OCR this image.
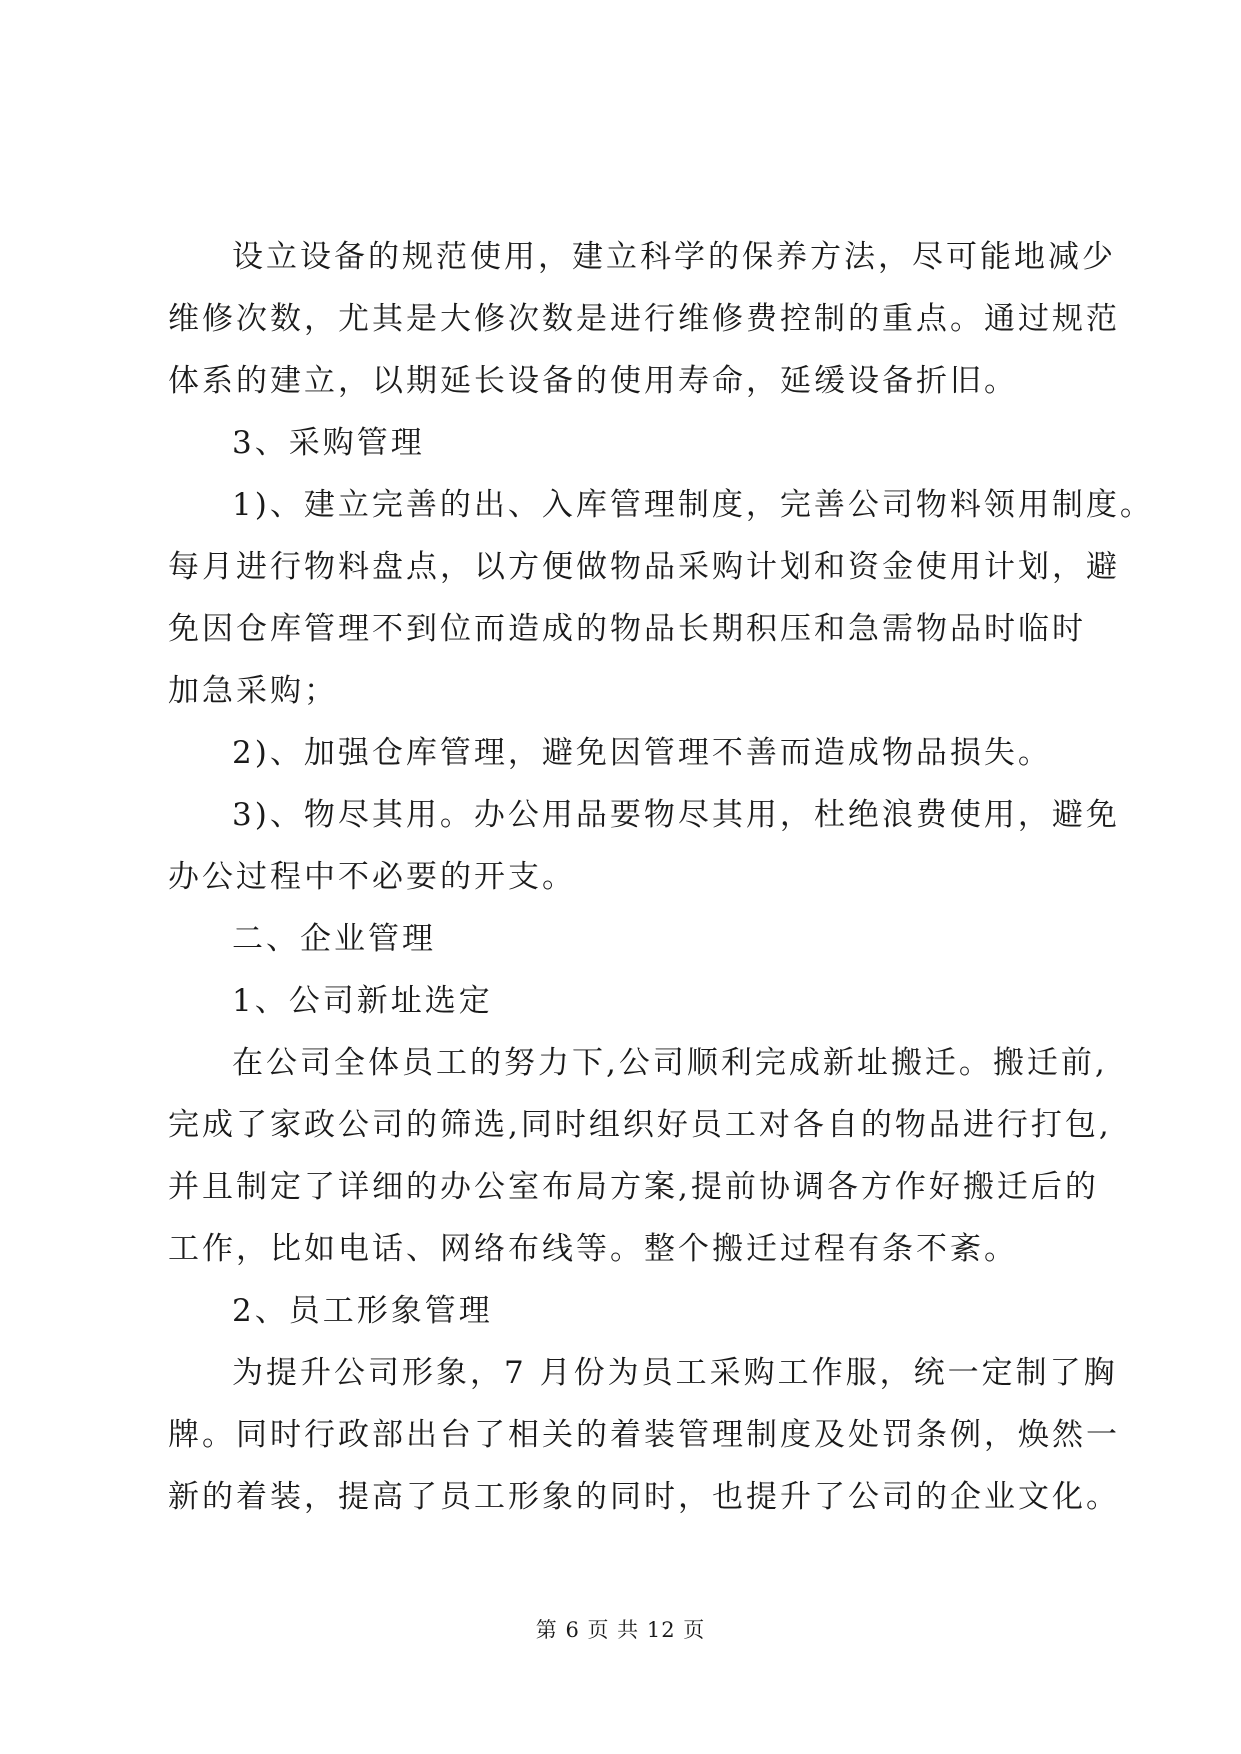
设立设备的规范使用，建立科学的保养方法，尽可能地减少
维修次数，尤其是大修次数是进行维修费控制的重点。通过规范
体系的建立，以期延长设备的使用寿命，延缓设备折旧。
3、采购管理
1)、建立完善的出、入库管理制度，完善公司物料领用制度。
每月进行物料盘点，以方便做物品采购计划和资金使用计划，避
免因仓库管理不到位而造成的物品长期积压和急需物品时临时
加急采购；
2)、加强仓库管理，避免因管理不善而造成物品损失。
3)、物尽其用。办公用品要物尽其用，杜绝浪费使用，避免
办公过程中不必要的开支。
二、企业管理
1、公司新址选定
在公司全体员工的努力下,公司顺利完成新址搬迁。搬迁前,
完成了家政公司的筛选,同时组织好员工对各自的物品进行打包,
并且制定了详细的办公室布局方案,提前协调各方作好搬迁后的
工作，比如电话、网络布线等。整个搬迁过程有条不紊。
2、员工形象管理
为提升公司形象，7 月份为员工采购工作服，统一定制了胸
牌。同时行政部出台了相关的着装管理制度及处罚条例，焕然一
新的着装，提高了员工形象的同时，也提升了公司的企业文化。
第 6 页 共 12 页
